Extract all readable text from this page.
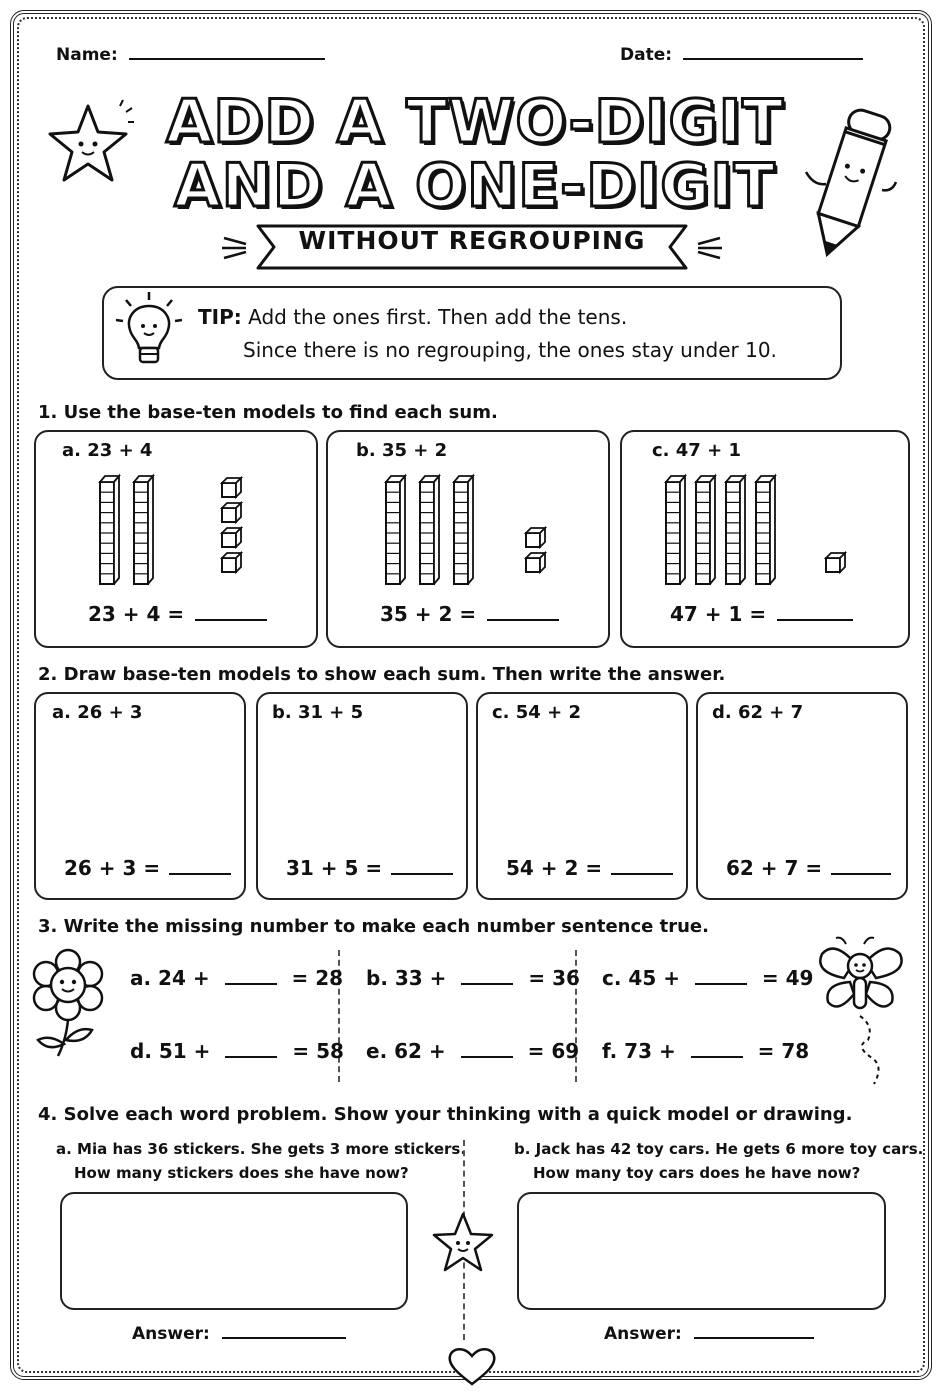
Name:	Date:
ADD A TWO-DIGIT
AND A ONE-DIGIT
WITHOUT REGROUPING
TIP: Add the ones first. Then add the tens.
Since there is no regrouping, the ones stay under 10.
1. Use the base-ten models to find each sum.
a. 23 + 4	b. 35 + 2	c. 47 + 1
23 + 4 =	35 + 2 =	47 + 1 =
2. Draw base-ten models to show each sum. Then write the answer.
a. 26 + 3	b. 31 + 5	c. 54 + 2	d. 62 + 7
26 + 3 =	31 + 5 =	54 + 2 =	62 + 7 =
3. Write the missing number to make each number sentence true.
a. 24 +	= 28 b. 33 +	= 36 c. 45 +	= 49
d. 51 +	= 58 e. 62 +	= 69 f. 73 +	= 78
4. Solve each word problem. Show your thinking with a quick model or drawing.
a. Mia has 36 stickers. She gets 3 more stickers.
How many stickers does she have now?
b. Jack has 42 toy cars. He gets 6 more toy cars.
How many toy cars does he have now?
Answer:	Answer:
